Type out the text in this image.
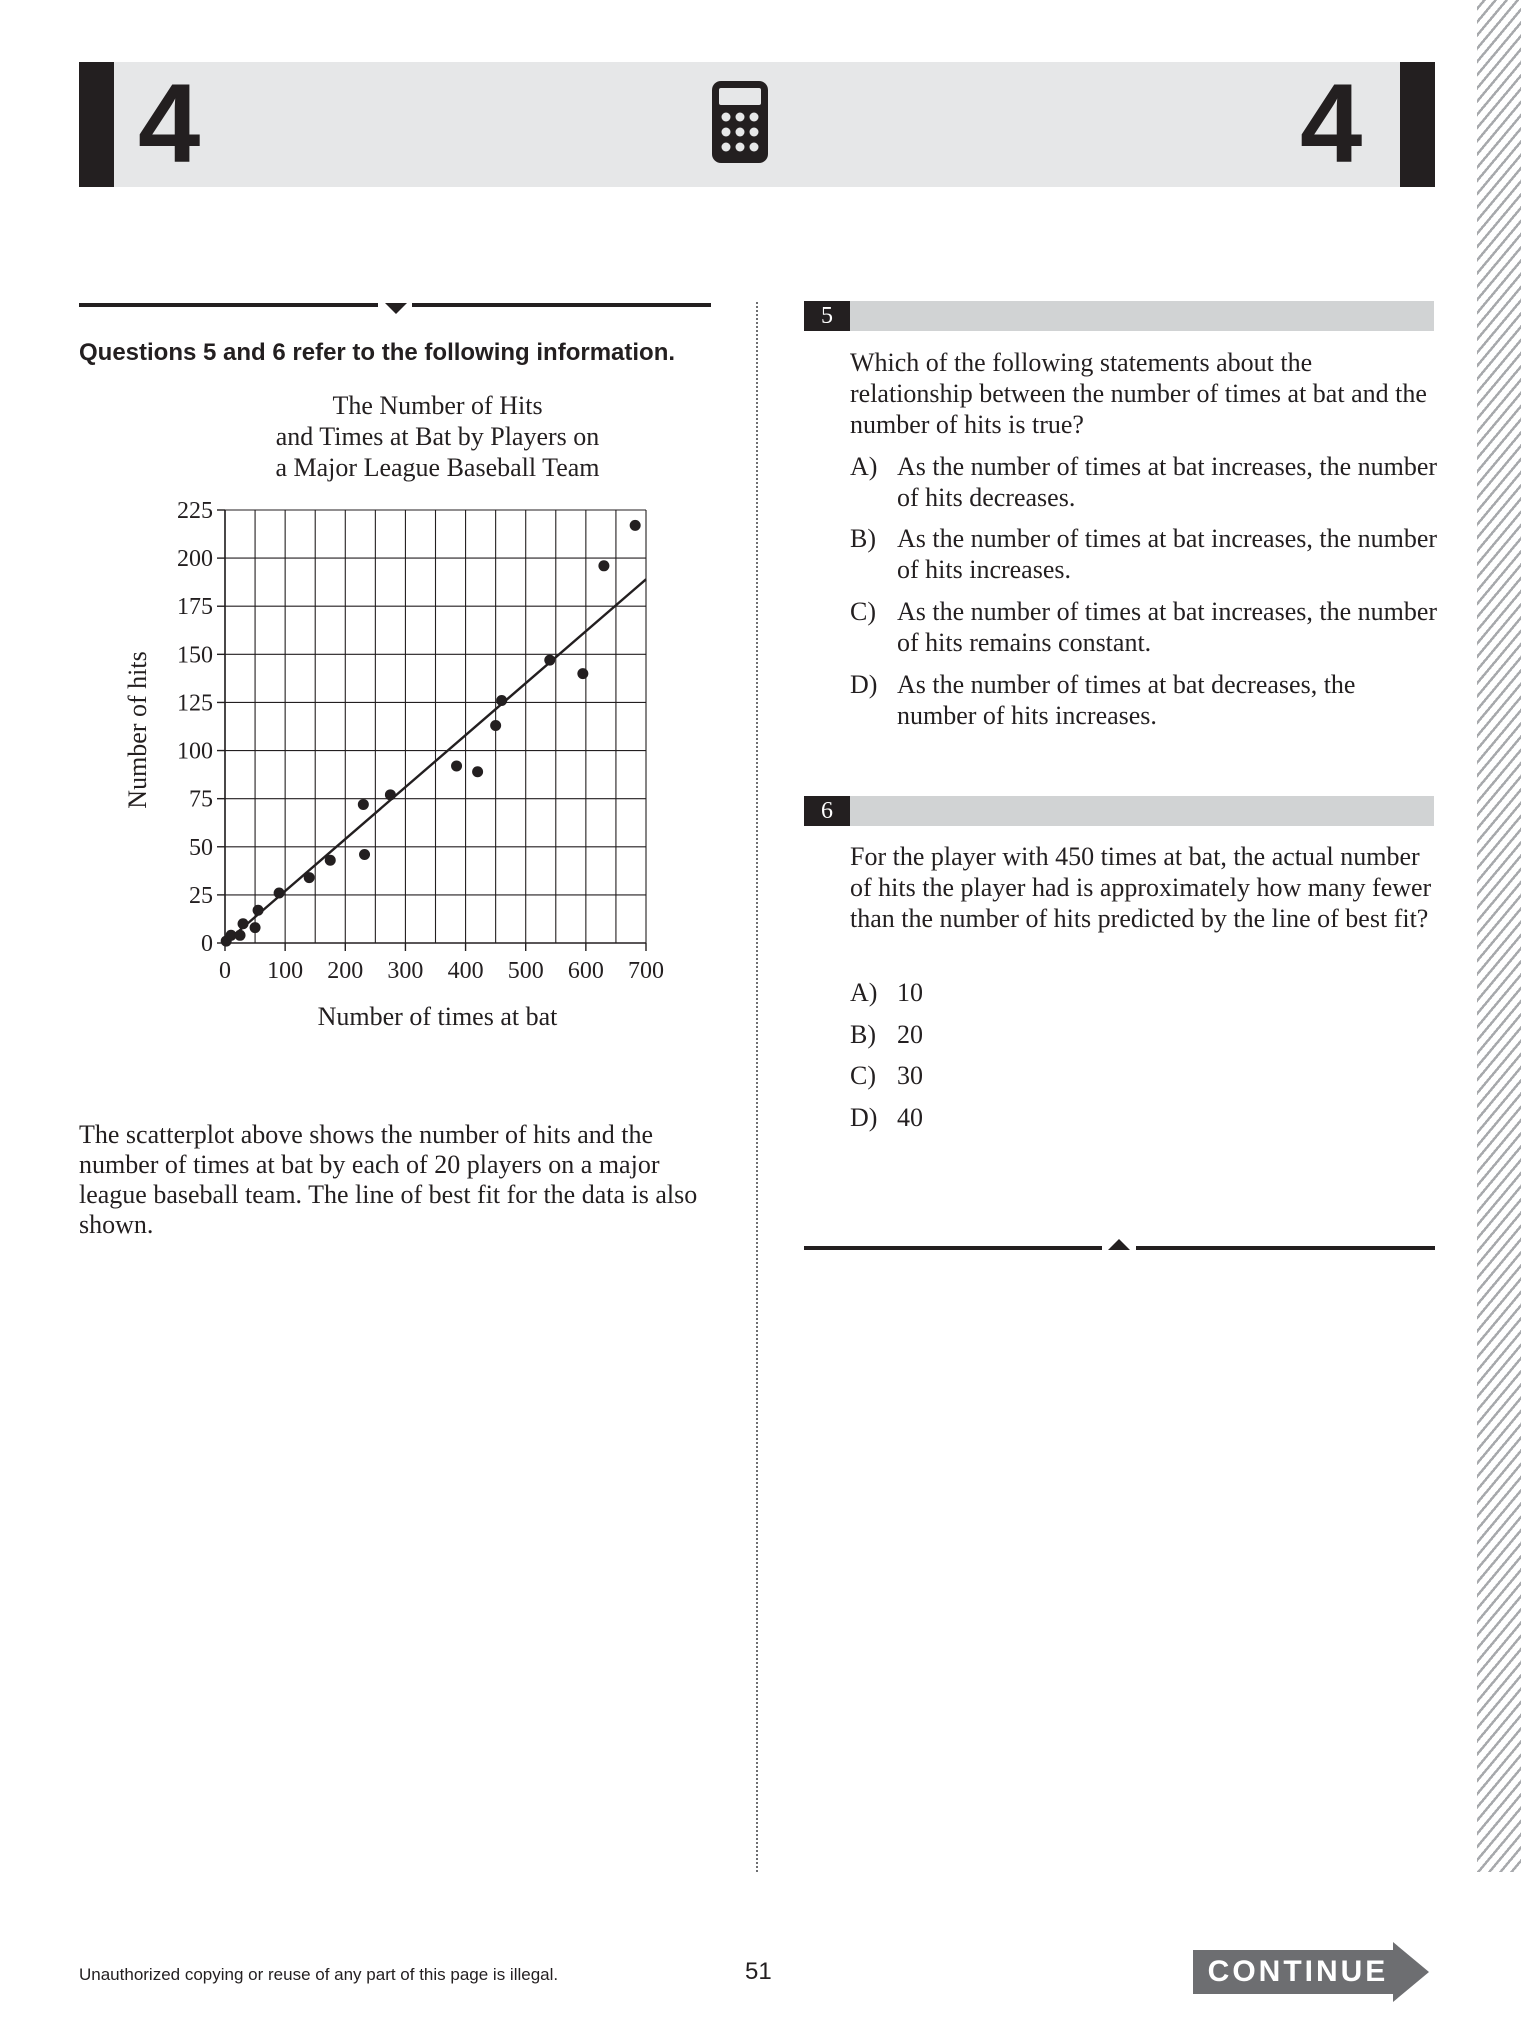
4	4
Questions 5 and 6 refer to the following information.
The Number of Hits
and Times at Bat by Players on
a Major League Baseball Team
Number of hits
0
25
50
75
100
125
150
175
200
225
0 100 200 300 400 500 600 700
Number of times at bat
The scatterplot above shows the number of hits and the number of times at bat by each of 20 players on a major league baseball team. The line of best fit for the data is also shown.
5
Which of the following statements about the relationship between the number of times at bat and the number of hits is true?
A) As the number of times at bat increases, the number of hits decreases.
B) As the number of times at bat increases, the number of hits increases.
C) As the number of times at bat increases, the number of hits remains constant.
D) As the number of times at bat decreases, the number of hits increases.
6
For the player with 450 times at bat, the actual number of hits the player had is approximately how many fewer than the number of hits predicted by the line of best fit?
A) 10
B) 20
C) 30
D) 40
Unauthorized copying or reuse of any part of this page is illegal.	51	CONTINUE
